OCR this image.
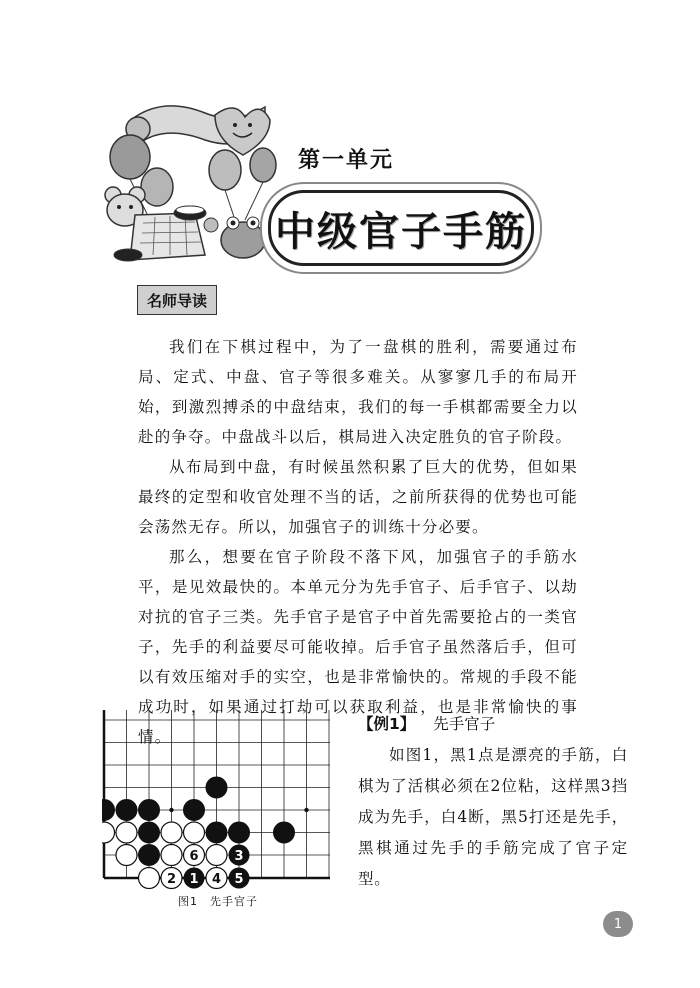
第一单元
中级官子手筋
名师导读

我们在下棋过程中，为了一盘棋的胜利，需要通过布局、定式、中盘、官子等很多难关。从寥寥几手的布局开始，到激烈搏杀的中盘结束，我们的每一手棋都需要全力以赴的争夺。中盘战斗以后，棋局进入决定胜负的官子阶段。

从布局到中盘，有时候虽然积累了巨大的优势，但如果最终的定型和收官处理不当的话，之前所获得的优势也可能会荡然无存。所以，加强官子的训练十分必要。

那么，想要在官子阶段不落下风，加强官子的手筋水平，是见效最快的。本单元分为先手官子、后手官子、以劫对抗的官子三类。先手官子是官子中首先需要抢占的一类官子，先手的利益要尽可能收掉。后手官子虽然落后手，但可以有效压缩对手的实空，也是非常愉快的。常规的手段不能成功时，如果通过打劫可以获取利益，也是非常愉快的事情。

6	3
2 1 4 5
图1　先手官子
【例1】 先手官子

如图1，黑1点是漂亮的手筋，白棋为了活棋必须在2位粘，这样黑3挡成为先手，白4断，黑5打还是先手，黑棋通过先手的手筋完成了官子定型。

1
